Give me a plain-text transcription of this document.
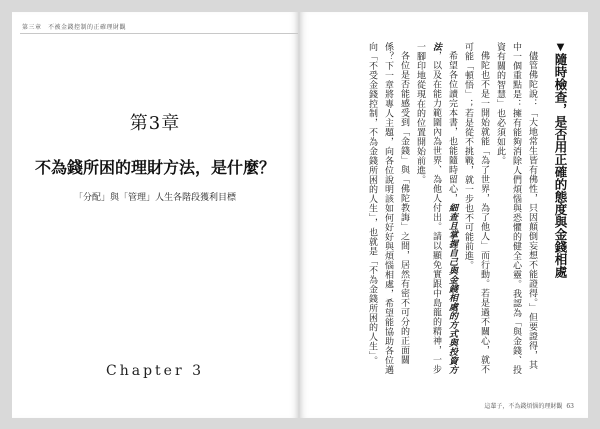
第三章　不被金錢控制的正確理財觀
第3章
不為錢所困的理財方法，是什麼？
「分配」與「管理」人生各階段獲利目標
Chapter 3
▼隨時檢查，是否用正確的態度與金錢相處

儘管佛陀說：「大地常生皆有佛性，只因顛倒妄想不能證得。」但要證得，其中一個重點是：擁有能夠消除人們煩惱與恐懼的健全心靈。我認為「與金錢、投資有關的智慧」也必須如此。

佛陀也不是一開始就能「為了世界，為了他人」而行動。若是過不關心，就不可能「頓悟」；若是從不挑戰，就一步也不可能前進。

希望各位讀完本書，也能隨時留心，細查且掌握自己與金錢相處的方式與投資方法，以及在能力範圍內為世界、為他人付出。請以顯免實跟中島龍的精神，一步一腳印地從現在的位置開始前進。

各位是否能感受到「金錢」與「佛陀教誨」之間，居然有密不可分的正面關係？下一章將專人主題，向各位說明該如何好好與煩惱相處，希望能協助各位邁向「不受金錢控制，不為金錢所困的人生」，也就是「不為金錢所困的人生」。

這輩子，不為錢煩惱的理財觀 63
